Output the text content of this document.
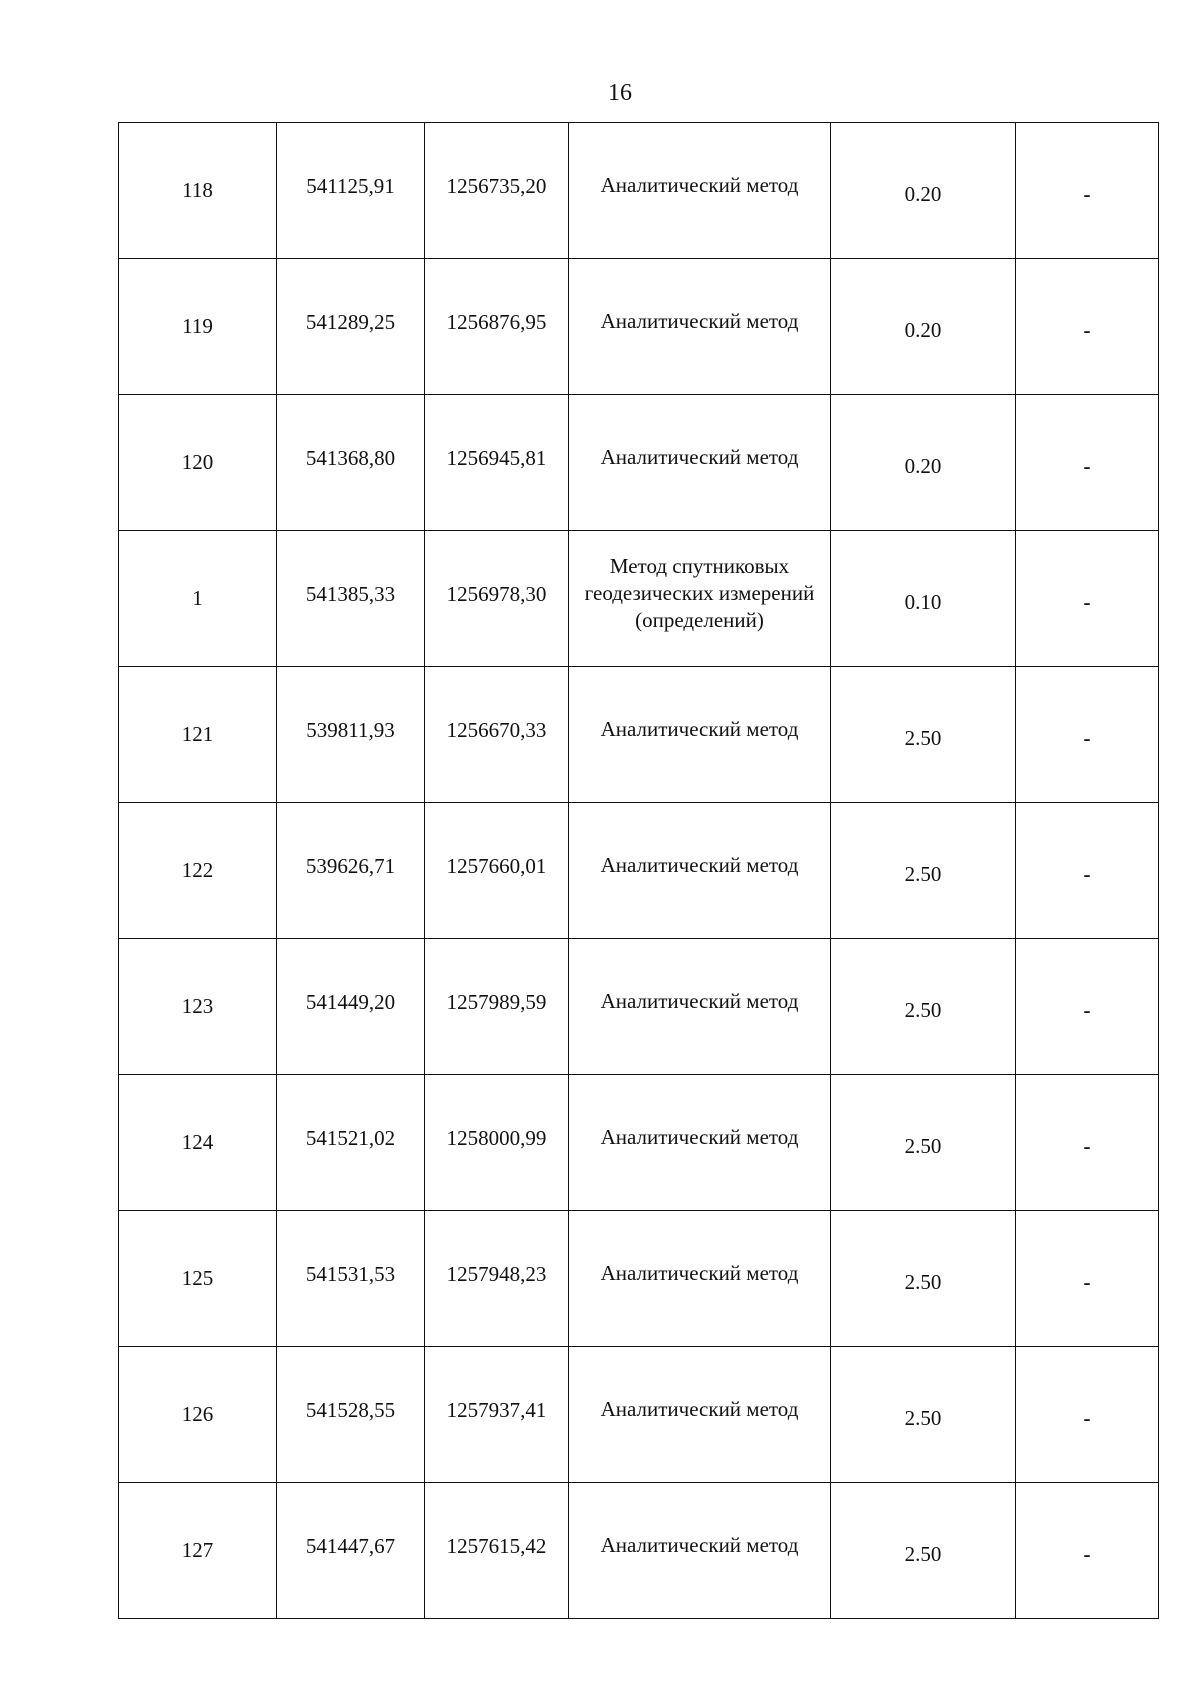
16
118	541125,91	1256735,20	Аналитический метод	0.20	-
119	541289,25	1256876,95	Аналитический метод	0.20	-
120	541368,80	1256945,81	Аналитический метод	0.20	-
1	541385,33	1256978,30	Метод спутниковых геодезических измерений (определений)	0.10	-
121	539811,93	1256670,33	Аналитический метод	2.50	-
122	539626,71	1257660,01	Аналитический метод	2.50	-
123	541449,20	1257989,59	Аналитический метод	2.50	-
124	541521,02	1258000,99	Аналитический метод	2.50	-
125	541531,53	1257948,23	Аналитический метод	2.50	-
126	541528,55	1257937,41	Аналитический метод	2.50	-
127	541447,67	1257615,42	Аналитический метод	2.50	-
